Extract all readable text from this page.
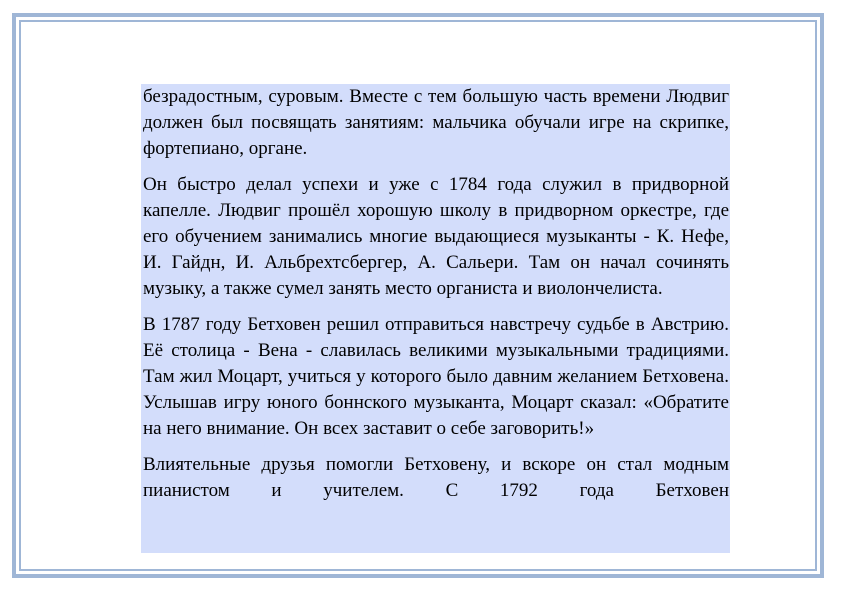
безрадостным, суровым. Вместе с тем большую часть времени Людвиг должен был посвящать занятиям: мальчика обучали игре на скрипке, фортепиано, органе.

Он быстро делал успехи и уже с 1784 года служил в придворной капелле. Людвиг прошёл хорошую школу в придворном оркестре, где его обучением занимались многие выдающиеся музыканты - К. Нефе, И. Гайдн, И. Альбрехтсбергер, А. Сальери. Там он начал сочинять музыку, а также сумел занять место органиста и виолончелиста.

В 1787 году Бетховен решил отправиться навстречу судьбе в Австрию. Её столица - Вена - славилась великими музыкальными традициями. Там жил Моцарт, учиться у которого было давним желанием Бетховена. Услышав игру юного боннского музыканта, Моцарт сказал: «Обратите на него внимание. Он всех заставит о себе заговорить!»

Влиятельные друзья помогли Бетховену, и вскоре он стал модным пианистом и учителем. С 1792 года Бетховен
